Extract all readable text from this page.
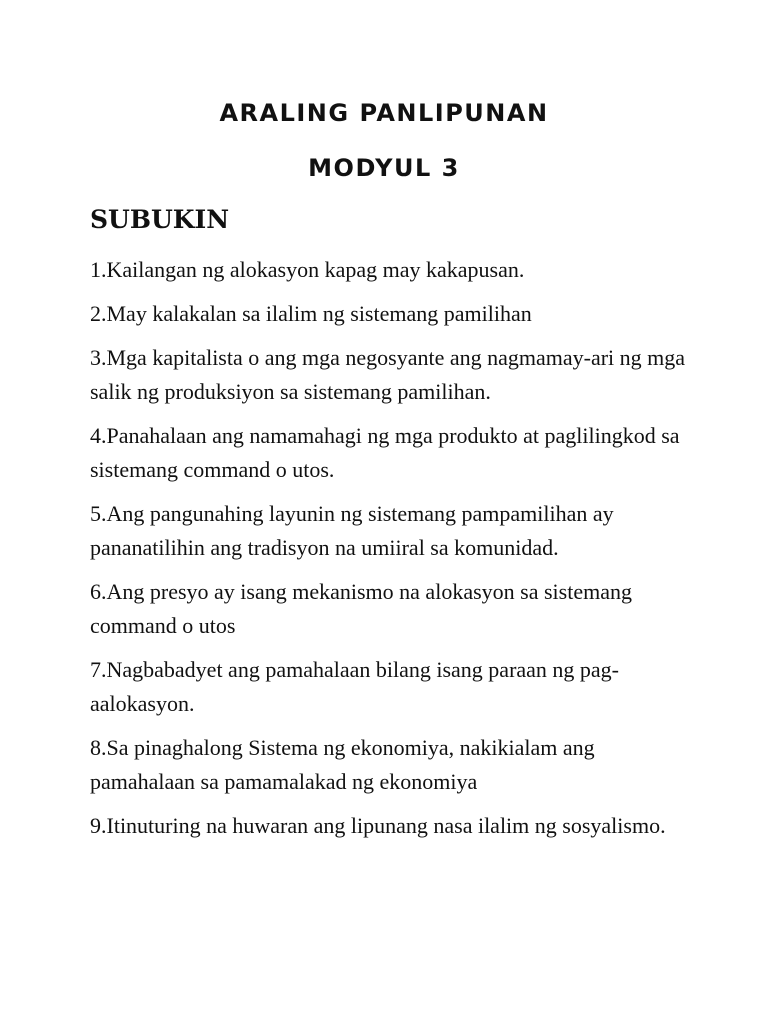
ARALING PANLIPUNAN
MODYUL 3
SUBUKIN
1.Kailangan ng alokasyon kapag may kakapusan.
2.May kalakalan sa ilalim ng sistemang pamilihan
3.Mga kapitalista o ang mga negosyante ang nagmamay-ari ng mga salik ng produksiyon sa sistemang pamilihan.
4.Panahalaan ang namamahagi ng mga produkto at paglilingkod sa sistemang command o utos.
5.Ang pangunahing layunin ng sistemang pampamilihan ay pananatilihin ang tradisyon na umiiral sa komunidad.
6.Ang presyo ay isang mekanismo na alokasyon sa sistemang command o utos
7.Nagbabadyet ang pamahalaan bilang isang paraan ng pag-aalokasyon.
8.Sa pinaghalong Sistema ng ekonomiya, nakikialam ang pamahalaan sa pamamalakad ng ekonomiya
9.Itinuturing na huwaran ang lipunang nasa ilalim ng sosyalismo.
